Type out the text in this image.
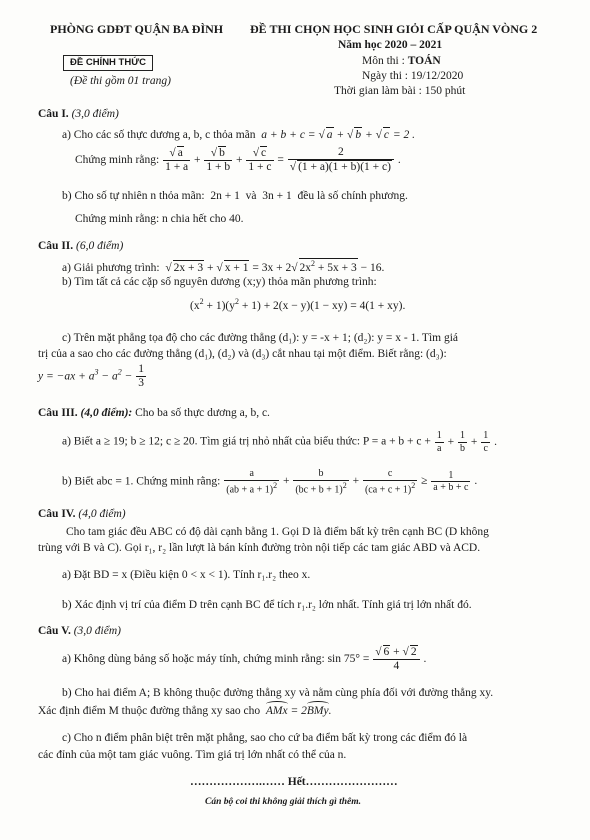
PHÒNG GDĐT QUẬN BA ĐÌNH ĐỀ THI CHỌN HỌC SINH GIỎI CẤP QUẬN VÒNG 2
Năm học 2020 – 2021
ĐỀ CHÍNH THỨC
(Đề thi gồm 01 trang)
Môn thi : TOÁN
Ngày thi : 19/12/2020
Thời gian làm bài : 150 phút
Câu I. (3,0 điểm)
a) Cho các số thực dương a, b, c thỏa mãn  a + b + c = √ a + √ b + √ c = 2 .
Chứng minh rằng: $\frac{√ a}{1 + a} + \frac{√ b}{1 + b} + \frac{√ c}{1 + c} = \frac{2}{√ (1 + a)(1 + b)(1 + c)}$ .
b) Cho số tự nhiên n thỏa mãn:  2n + 1  và  3n + 1  đều là số chính phương.
Chứng minh rằng: n chia hết cho 40.
Câu II. (6,0 điểm)
a) Giải phương trình:  √ 2x + 3 + √ x + 1 = 3x + 2√ $2x^2 + 5x + 3 - 16$.
b) Tìm tất cả các cặp số nguyên dương (x;y) thỏa mãn phương trình:
$(x^2 + 1)(y^2 + 1) + 2(x - y)(1 - xy) = 4(1 + xy)$.
c) Trên mặt phẳng tọa độ cho các đường thẳng (d₁): y = -x + 1; (d₂): y = x - 1. Tìm giá
trị của a sao cho các đường thẳng (d₁), (d₂) và (d₃) cắt nhau tại một điểm. Biết rằng: (d₃):
$y = -ax + a^3 - a^2 - \frac{1}{3}$
Câu III. (4,0 điểm): Cho ba số thực dương a, b, c.
a) Biết a ≥ 19; b ≥ 12; c ≥ 20. Tìm giá trị nhỏ nhất của biểu thức: $P = a + b + c + \frac{1}{a} + \frac{1}{b} + \frac{1}{c}$ .
b) Biết abc = 1. Chứng minh rằng: $\frac{a}{(ab + a + 1)^2} + \frac{b}{(bc + b + 1)^2} + \frac{c}{(ca + c + 1)^2} \ge \frac{1}{a + b + c}$ .
Câu IV. (4,0 điểm)
Cho tam giác đều ABC có độ dài cạnh bằng 1. Gọi D là điểm bất kỳ trên cạnh BC (D không
trùng với B và C). Gọi r₁, r₂ lần lượt là bán kính đường tròn nội tiếp các tam giác ABD và ACD.
a) Đặt BD = x (Điều kiện 0 < x < 1). Tính r₁.r₂ theo x.
b) Xác định vị trí của điểm D trên cạnh BC để tích r₁.r₂ lớn nhất. Tính giá trị lớn nhất đó.
Câu V. (3,0 điểm)
a) Không dùng bảng số hoặc máy tính, chứng minh rằng: $\sin 75^\circ = \frac{√ 6 + √ 2}{4}$ .
b) Cho hai điểm A; B không thuộc đường thẳng xy và nằm cùng phía đối với đường thẳng xy.
Xác định điểm M thuộc đường thẳng xy sao cho AMx = 2BMy.
c) Cho n điểm phân biệt trên mặt phẳng, sao cho cứ ba điểm bất kỳ trong các điểm đó là
các đỉnh của một tam giác vuông. Tìm giá trị lớn nhất có thể của n.
……………….…… Hết……………………
Cán bộ coi thi không giải thích gì thêm.
